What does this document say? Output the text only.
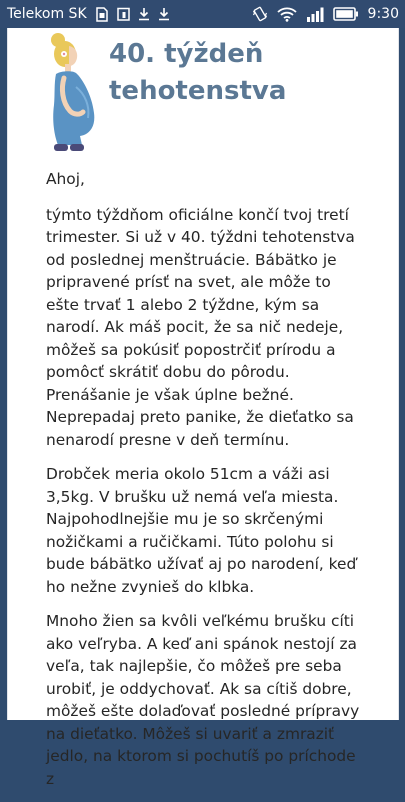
Telekom SK	9:30
40. týždeň
tehotenstva

Ahoj,

týmto týždňom oficiálne končí tvoj tretí trimester. Si už v 40. týždni tehotenstva od poslednej menštruácie. Bábätko je pripravené prísť na svet, ale môže to ešte trvať 1 alebo 2 týždne, kým sa narodí. Ak máš pocit, že sa nič nedeje, môžeš sa pokúsiť popostrčiť prírodu a pomôcť skrátiť dobu do pôrodu. Prenášanie je však úplne bežné. Neprepadaj preto panike, že dieťatko sa nenarodí presne v deň termínu.

Drobček meria okolo 51cm a váži asi 3,5kg. V brušku už nemá veľa miesta. Najpohodlnejšie mu je so skrčenými nožičkami a ručičkami. Túto polohu si bude bábätko užívať aj po narodení, keď ho nežne zvynieš do klbka.

Mnoho žien sa kvôli veľkému brušku cíti ako veľryba. A keď ani spánok nestojí za veľa, tak najlepšie, čo môžeš pre seba urobiť, je oddychovať. Ak sa cítiš dobre, môžeš ešte dolaďovať posledné prípravy na dieťatko. Môžeš si uvariť a zmraziť jedlo, na ktorom si pochutíš po príchode z
